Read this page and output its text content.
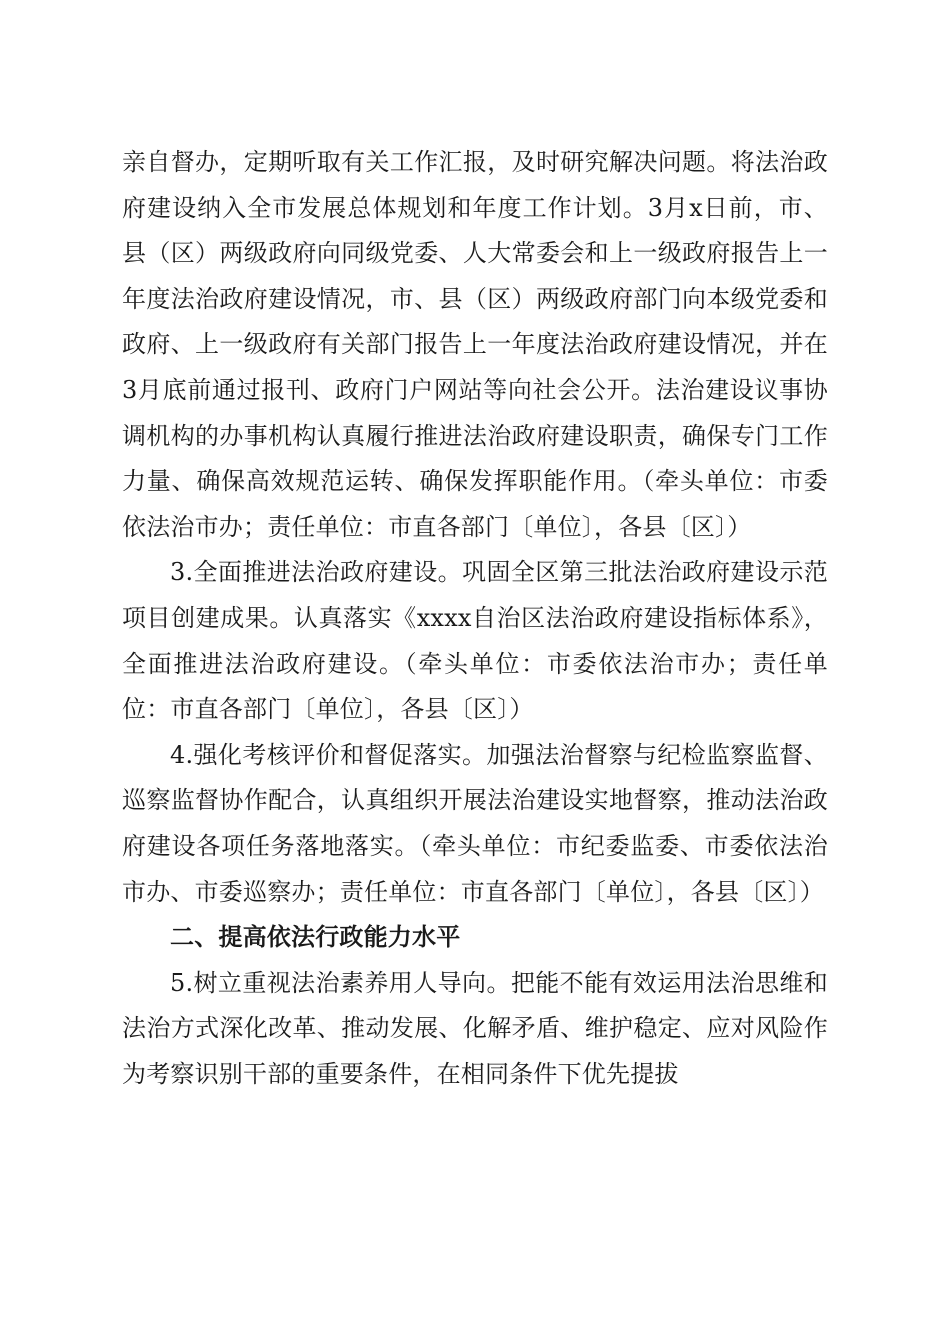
亲自督办，定期听取有关工作汇报，及时研究解决问题。将法治政府建设纳入全市发展总体规划和年度工作计划。3月x日前，市、县（区）两级政府向同级党委、人大常委会和上一级政府报告上一年度法治政府建设情况，市、县（区）两级政府部门向本级党委和政府、上一级政府有关部门报告上一年度法治政府建设情况，并在3月底前通过报刊、政府门户网站等向社会公开。法治建设议事协调机构的办事机构认真履行推进法治政府建设职责，确保专门工作力量、确保高效规范运转、确保发挥职能作用。（牵头单位：市委依法治市办；责任单位：市直各部门〔单位〕，各县〔区〕）

3.全面推进法治政府建设。巩固全区第三批法治政府建设示范项目创建成果。认真落实《xxxx自治区法治政府建设指标体系》，全面推进法治政府建设。（牵头单位：市委依法治市办；责任单位：市直各部门〔单位〕，各县〔区〕）

4.强化考核评价和督促落实。加强法治督察与纪检监察监督、巡察监督协作配合，认真组织开展法治建设实地督察，推动法治政府建设各项任务落地落实。（牵头单位：市纪委监委、市委依法治市办、市委巡察办；责任单位：市直各部门〔单位〕，各县〔区〕）

二、提高依法行政能力水平

5.树立重视法治素养用人导向。把能不能有效运用法治思维和法治方式深化改革、推动发展、化解矛盾、维护稳定、应对风险作为考察识别干部的重要条件，在相同条件下优先提拔
